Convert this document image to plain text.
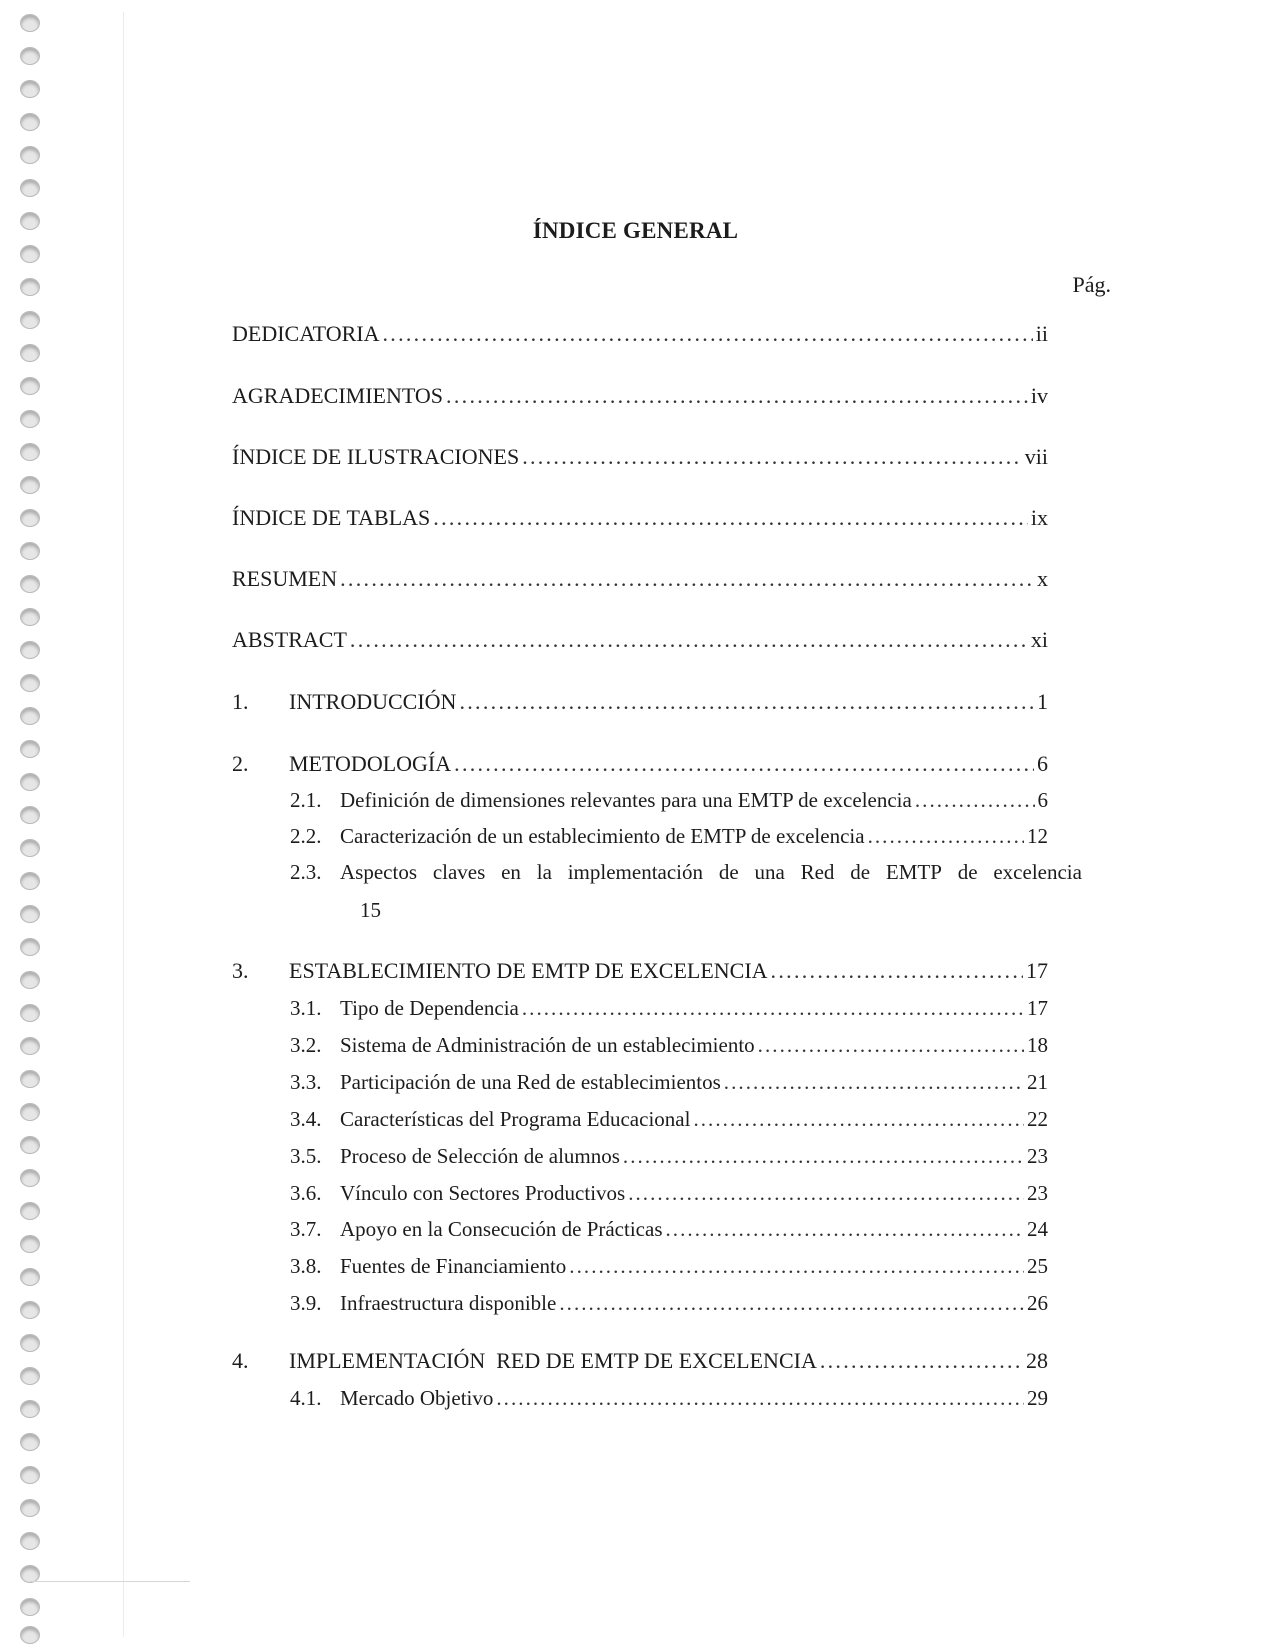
ÍNDICE GENERAL
Pág.
DEDICATORIA . . .	ii
AGRADECIMIENTOS . . .	iv
ÍNDICE DE ILUSTRACIONES . . .	vii
ÍNDICE DE TABLAS . . .	ix
RESUMEN . . .	x
ABSTRACT . . .	xi
1.	INTRODUCCIÓN . . .	1
2.	METODOLOGÍA . . .	6
2.1. Definición de dimensiones relevantes para una EMTP de excelencia . . .	6
2.2. Caracterización de un establecimiento de EMTP de excelencia . . .	12
2.3. Aspectos claves en la implementación de una Red de EMTP de excelencia
15
3.	ESTABLECIMIENTO DE EMTP DE EXCELENCIA . . .	17
3.1. Tipo de Dependencia . . .	17
3.2. Sistema de Administración de un establecimiento . . .	18
3.3. Participación de una Red de establecimientos . . .	21
3.4. Características del Programa Educacional . . .	22
3.5. Proceso de Selección de alumnos . . .	23
3.6. Vínculo con Sectores Productivos . . .	23
3.7. Apoyo en la Consecución de Prácticas . . .	24
3.8. Fuentes de Financiamiento . . .	25
3.9. Infraestructura disponible . . .	26
4.	IMPLEMENTACIÓN  RED DE EMTP DE EXCELENCIA . . .	28
4.1. Mercado Objetivo . . .	29
